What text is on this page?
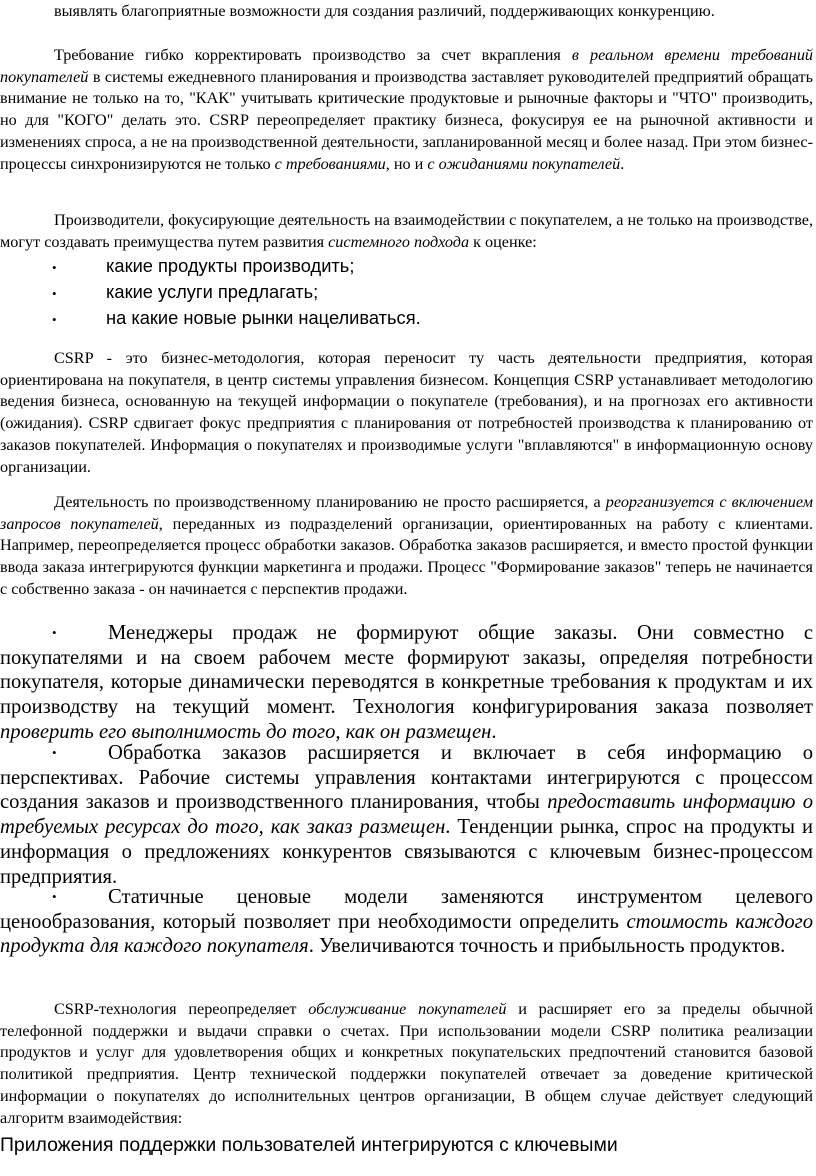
выявлять благоприятные возможности для создания различий, поддерживающих конкуренцию.

Требование гибко корректировать производство за счет вкрапления в реальном времени требований покупателей в системы ежедневного планирования и производства заставляет руководителей предприятий обращать внимание не только на то, "КАК" учитывать критические продуктовые и рыночные факторы и "ЧТО" производить, но для "КОГО" делать это. CSRP переопределяет практику бизнеса, фокусируя ее на рыночной активности и изменениях спроса, а не на производственной деятельности, запланированной месяц и более назад. При этом бизнес-процессы синхронизируются не только с требованиями, но и с ожиданиями покупателей.

Производители, фокусирующие деятельность на взаимодействии с покупателем, а не только на производстве, могут создавать преимущества путем развития системного подхода к оценке:

•	какие продукты производить;
•	какие услуги предлагать;
•	на какие новые рынки нацеливаться.

CSRP - это бизнес-методология, которая переносит ту часть деятельности предприятия, которая ориентирована на покупателя, в центр системы управления бизнесом. Концепция CSRP устанавливает методологию ведения бизнеса, основанную на текущей информации о покупателе (требования), и на прогнозах его активности (ожидания). CSRP сдвигает фокус предприятия с планирования от потребностей производства к планированию от заказов покупателей. Информация о покупателях и производимые услуги "вплавляются" в информационную основу организации.

Деятельность по производственному планированию не просто расширяется, а реорганизуется с включением запросов покупателей, переданных из подразделений организации, ориентированных на работу с клиентами. Например, переопределяется процесс обработки заказов. Обработка заказов расширяется, и вместо простой функции ввода заказа интегрируются функции маркетинга и продажи. Процесс "Формирование заказов" теперь не начинается с собственно заказа - он начинается с перспектив продажи.

• Менеджеры продаж не формируют общие заказы. Они совместно с покупателями и на своем рабочем месте формируют заказы, определяя потребности покупателя, которые динамически переводятся в конкретные требования к продуктам и их производству на текущий момент. Технология конфигурирования заказа позволяет проверить его выполнимость до того, как он размещен.

• Обработка заказов расширяется и включает в себя информацию о перспективах. Рабочие системы управления контактами интегрируются с процессом создания заказов и производственного планирования, чтобы предоставить информацию о требуемых ресурсах до того, как заказ размещен. Тенденции рынка, спрос на продукты и информация о предложениях конкурентов связываются с ключевым бизнес-процессом предприятия.

• Статичные ценовые модели заменяются инструментом целевого ценообразования, который позволяет при необходимости определить стоимость каждого продукта для каждого покупателя. Увеличиваются точность и прибыльность продуктов.

CSRP-технология переопределяет обслуживание покупателей и расширяет его за пределы обычной телефонной поддержки и выдачи справки о счетах. При использовании модели CSRP политика реализации продуктов и услуг для удовлетворения общих и конкретных покупательских предпочтений становится базовой политикой предприятия. Центр технической поддержки покупателей отвечает за доведение критической информации о покупателях до исполнительных центров организации, В общем случае действует следующий алгоритм взаимодействия:

Приложения поддержки пользователей интегрируются с ключевыми
